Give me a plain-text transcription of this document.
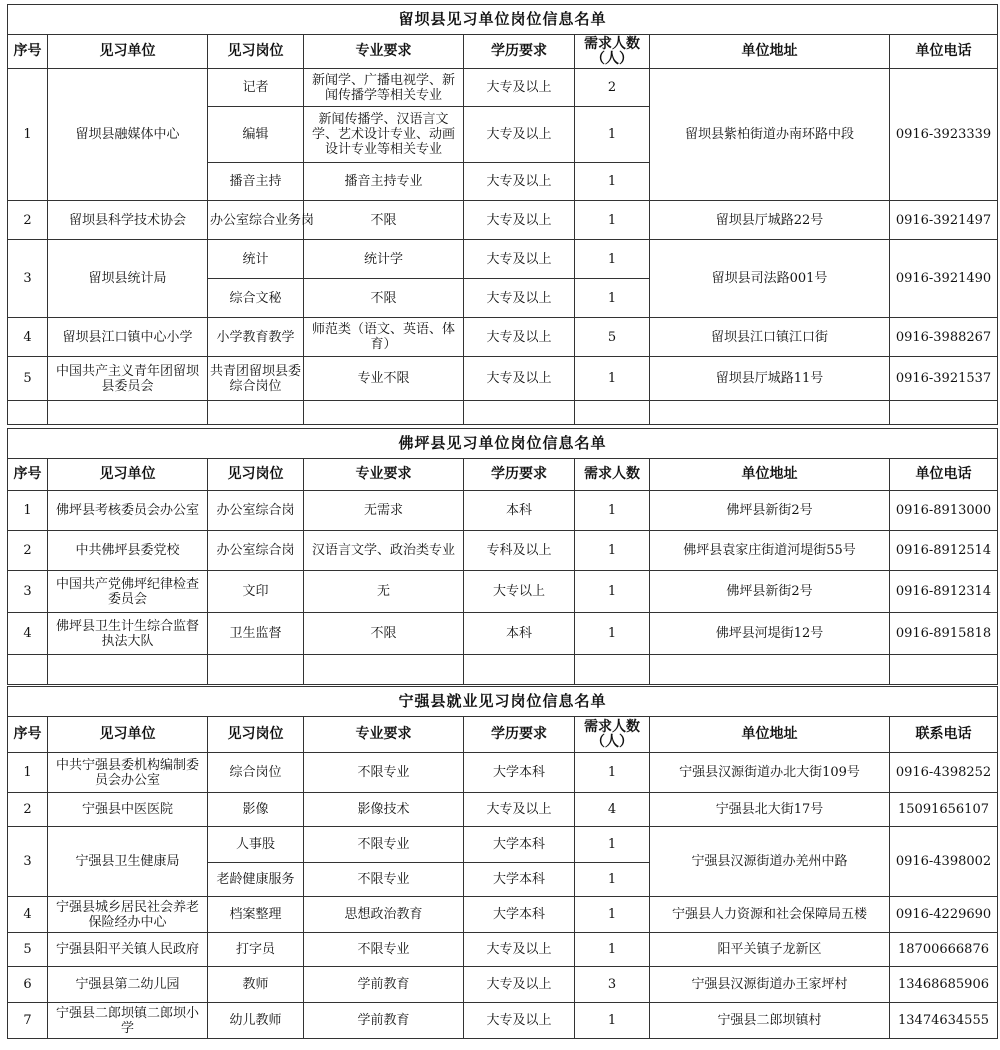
留坝县见习单位岗位信息名单							
序号	见习单位	见习岗位	专业要求	学历要求	需求人数（人）	单位地址	单位电话
1	留坝县融媒体中心	记者	新闻学、广播电视学、新闻传播学等相关专业	大专及以上	2	留坝县紫柏街道办南环路中段	0916-3923339
		编辑	新闻传播学、汉语言文学、艺术设计专业、动画设计专业等相关专业	大专及以上	1		
		播音主持	播音主持专业	大专及以上	1		
2	留坝县科学技术协会	办公室综合业务岗	不限	大专及以上	1	留坝县厅城路22号	0916-3921497
3	留坝县统计局	统计	统计学	大专及以上	1	留坝县司法路001号	0916-3921490
		综合文秘	不限	大专及以上	1		
4	留坝县江口镇中心小学	小学教育教学	师范类（语文、英语、体育）	大专及以上	5	留坝县江口镇江口街	0916-3988267
5	中国共产主义青年团留坝县委员会	共青团留坝县委综合岗位	专业不限	大专及以上	1	留坝县厅城路11号	0916-3921537

佛坪县见习单位岗位信息名单							
序号	见习单位	见习岗位	专业要求	学历要求	需求人数	单位地址	单位电话
1	佛坪县考核委员会办公室	办公室综合岗	无需求	本科	1	佛坪县新街2号	0916-8913000
2	中共佛坪县委党校	办公室综合岗	汉语言文学、政治类专业	专科及以上	1	佛坪县袁家庄街道河堤街55号	0916-8912514
3	中国共产党佛坪纪律检查委员会	文印	无	大专以上	1	佛坪县新街2号	0916-8912314
4	佛坪县卫生计生综合监督执法大队	卫生监督	不限	本科	1	佛坪县河堤街12号	0916-8915818

宁强县就业见习岗位信息名单							
序号	见习单位	见习岗位	专业要求	学历要求	需求人数（人）	单位地址	联系电话
1	中共宁强县委机构编制委员会办公室	综合岗位	不限专业	大学本科	1	宁强县汉源街道办北大街109号	0916-4398252
2	宁强县中医医院	影像	影像技术	大专及以上	4	宁强县北大街17号	15091656107
3	宁强县卫生健康局	人事股	不限专业	大学本科	1	宁强县汉源街道办羌州中路	0916-4398002
		老龄健康服务	不限专业	大学本科	1		
4	宁强县城乡居民社会养老保险经办中心	档案整理	思想政治教育	大学本科	1	宁强县人力资源和社会保障局五楼	0916-4229690
5	宁强县阳平关镇人民政府	打字员	不限专业	大专及以上	1	阳平关镇子龙新区	18700666876
6	宁强县第二幼儿园	教师	学前教育	大专及以上	3	宁强县汉源街道办王家坪村	13468685906
7	宁强县二郎坝镇二郎坝小学	幼儿教师	学前教育	大专及以上	1	宁强县二郎坝镇村	13474634555
